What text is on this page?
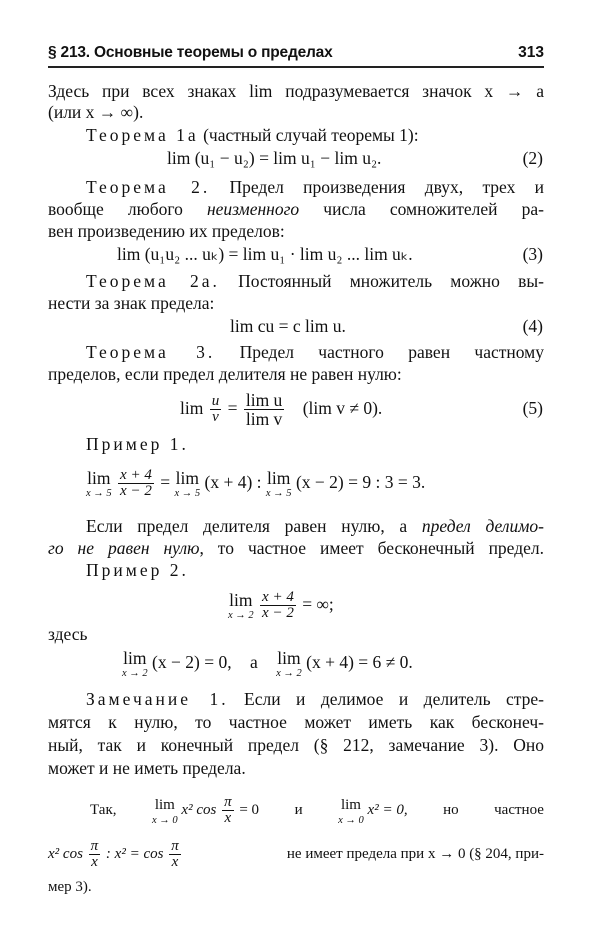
§ 213. Основные теоремы о пределах	313
Здесь при всех знаках lim подразумевается значок x → a
(или x → ∞).
Теорема 1а (частный случай теоремы 1):
lim (u₁ − u₂) = lim u₁ − lim u₂.	(2)
Теорема 2. Предел произведения двух, трех и
вообще любого неизменного числа сомножителей ра-
вен произведению их пределов:
lim (u₁u₂ ... uₖ) = lim u₁ · lim u₂ ... lim uₖ.	(3)
Теорема 2а. Постоянный множитель можно вы-
нести за знак предела:
lim cu = c lim u.	(4)
Теорема 3. Предел частного равен частному
пределов, если предел делителя не равен нулю:
$\lim \frac{u}{v} = \frac{\text{lim u}}{\text{lim v}} (\lim$ v ≠ 0).	(5)
Пример 1.
lim
x → 5
$\frac{x + 4}{x - 2} = \lim$
x → 5
(x + 4) : lim
x → 5
(x − 2) = 9 : 3 = 3.
Если предел делителя равен нулю, а предел делимо-
го не равен нулю, то частное имеет бесконечный предел.
Пример 2.
lim
x → 2
$\frac{x + 4}{x - 2}$ = ∞;
здесь
lim
x → 2
(x − 2) = 0, а lim
x → 2
(x + 4) = 6 ≠ 0.
Замечание 1. Если и делимое и делитель стре-
мятся к нулю, то частное может иметь как бесконеч-
ный, так и конечный предел (§ 212, замечание 3). Оно
может и не иметь предела.
Так,	lim
x → 0
x² $\cos \frac{\pi}{x} = 0$ и	lim
x → 0
x² = 0, но частное
x² $\cos \frac{\pi}{x}$ : $x^2 = \cos \frac{\pi}{x}$	не имеет предела при x → 0 (§ 204, при-
мер 3).
